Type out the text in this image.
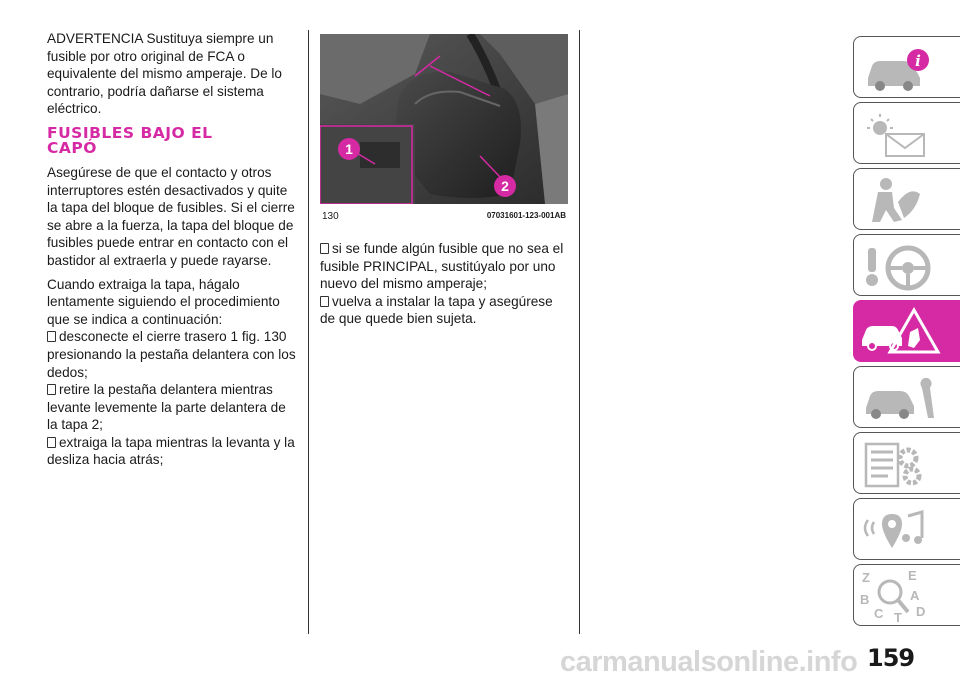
ADVERTENCIA Sustituya siempre un fusible por otro original de FCA o equivalente del mismo amperaje. De lo contrario, podría dañarse el sistema eléctrico.

FUSIBLES BAJO EL
CAPÓ

Asegúrese de que el contacto y otros interruptores estén desactivados y quite la tapa del bloque de fusibles. Si el cierre se abre a la fuerza, la tapa del bloque de fusibles puede entrar en contacto con el bastidor al extraerla y puede rayarse.

Cuando extraiga la tapa, hágalo lentamente siguiendo el procedimiento que se indica a continuación:

desconecte el cierre trasero 1 fig. 130 presionando la pestaña delantera con los dedos;
retire la pestaña delantera mientras levante levemente la parte delantera de la tapa 2;
extraiga la tapa mientras la levanta y la desliza hacia atrás;
1
2
130	07031601-123-001AB
si se funde algún fusible que no sea el fusible PRINCIPAL, sustitúyalo por uno nuevo del mismo amperaje;
vuelva a instalar la tapa y asegúrese de que quede bien sujeta.
i
Z	E
B	A
C	D
T
carmanualsonline.info 159
